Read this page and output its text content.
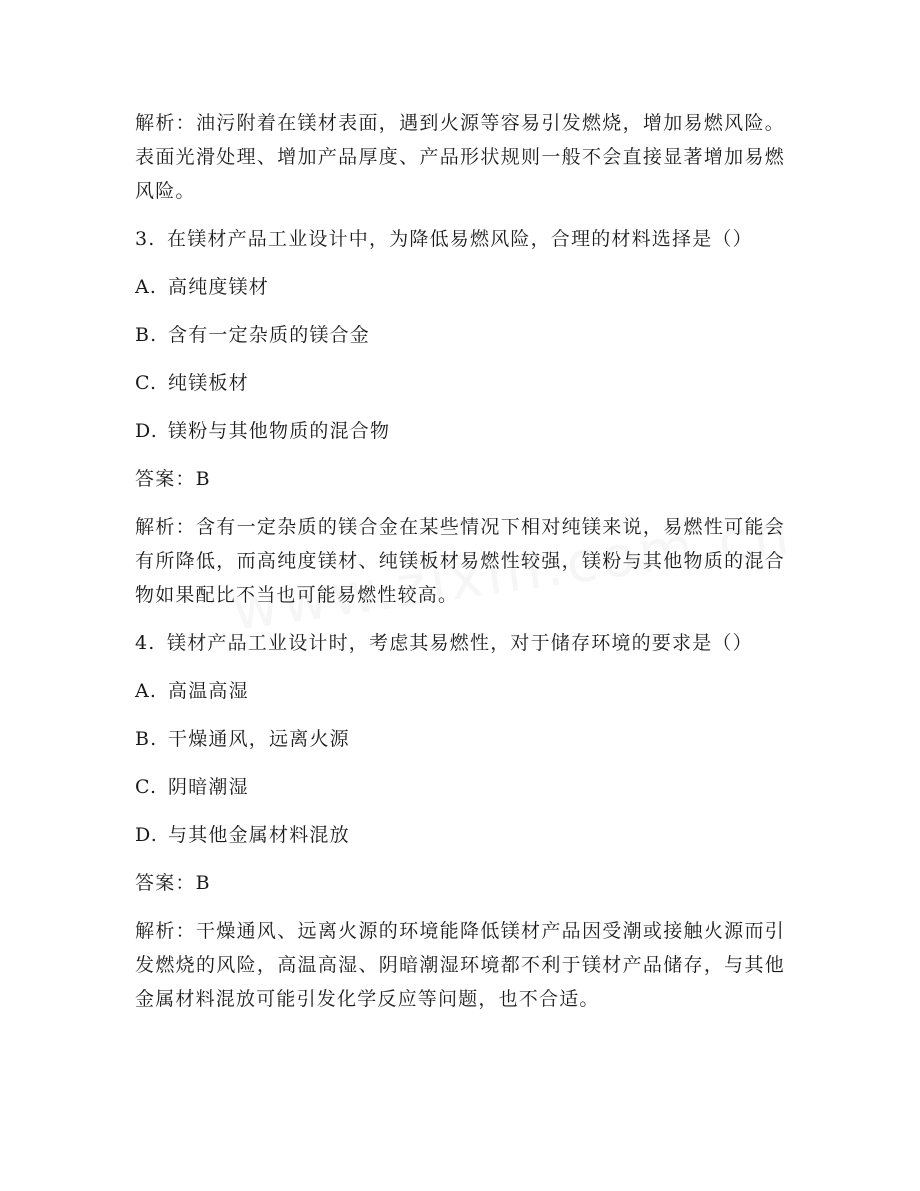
解析：油污附着在镁材表面，遇到火源等容易引发燃烧，增加易燃风险。表面光滑处理、增加产品厚度、产品形状规则一般不会直接显著增加易燃风险。

3. 在镁材产品工业设计中，为降低易燃风险，合理的材料选择是（）

A. 高纯度镁材

B. 含有一定杂质的镁合金

C. 纯镁板材

D. 镁粉与其他物质的混合物

答案：B

解析：含有一定杂质的镁合金在某些情况下相对纯镁来说，易燃性可能会有所降低，而高纯度镁材、纯镁板材易燃性较强，镁粉与其他物质的混合物如果配比不当也可能易燃性较高。

4. 镁材产品工业设计时，考虑其易燃性，对于储存环境的要求是（）

A. 高温高湿

B. 干燥通风，远离火源

C. 阴暗潮湿

D. 与其他金属材料混放

答案：B

解析：干燥通风、远离火源的环境能降低镁材产品因受潮或接触火源而引发燃烧的风险，高温高湿、阴暗潮湿环境都不利于镁材产品储存，与其他金属材料混放可能引发化学反应等问题，也不合适。
